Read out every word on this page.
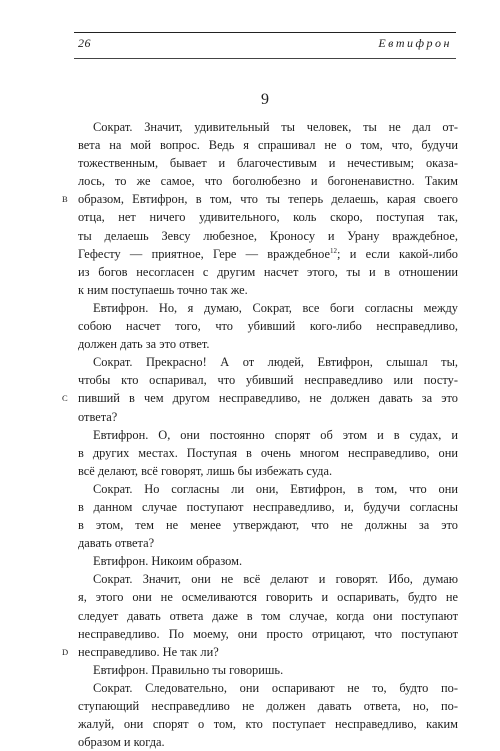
26	Евтифрон
9
Сократ. Значит, удивительный ты человек, ты не дал от-
вета на мой вопрос. Ведь я спрашивал не о том, что, будучи
тожественным, бывает и благочестивым и нечестивым; оказа-
лось, то же самое, что боголюбезно и богоненавистно. Таким
B образом, Евтифрон, в том, что ты теперь делаешь, карая своего
отца, нет ничего удивительного, коль скоро, поступая так,
ты делаешь Зевсу любезное, Кроносу и Урану враждебное,
Гефесту — приятное, Гере — враждебное$^{12}$; и если какой-либо
из богов несогласен с другим насчет этого, ты и в отношении
к ним поступаешь точно так же.
Евтифрон. Но, я думаю, Сократ, все боги согласны между
собою насчет того, что убивший кого-либо несправедливо,
должен дать за это ответ.
Сократ. Прекрасно! А от людей, Евтифрон, слышал ты,
чтобы кто оспаривал, что убивший несправедливо или посту-
C пивший в чем другом несправедливо, не должен давать за это
ответа?
Евтифрон. О, они постоянно спорят об этом и в судах, и
в других местах. Поступая в очень многом несправедливо, они
всё делают, всё говорят, лишь бы избежать суда.
Сократ. Но согласны ли они, Евтифрон, в том, что они
в данном случае поступают несправедливо, и, будучи согласны
в этом, тем не менее утверждают, что не должны за это
давать ответа?
Евтифрон. Никоим образом.
Сократ. Значит, они не всё делают и говорят. Ибо, думаю
я, этого они не осмеливаются говорить и оспаривать, будто не
следует давать ответа даже в том случае, когда они поступают
несправедливо. По моему, они просто отрицают, что поступают
D несправедливо. Не так ли?
Евтифрон. Правильно ты говоришь.
Сократ. Следовательно, они оспаривают не то, будто по-
ступающий несправедливо не должен давать ответа, но, по-
жалуй, они спорят о том, кто поступает несправедливо, каким
образом и когда.
